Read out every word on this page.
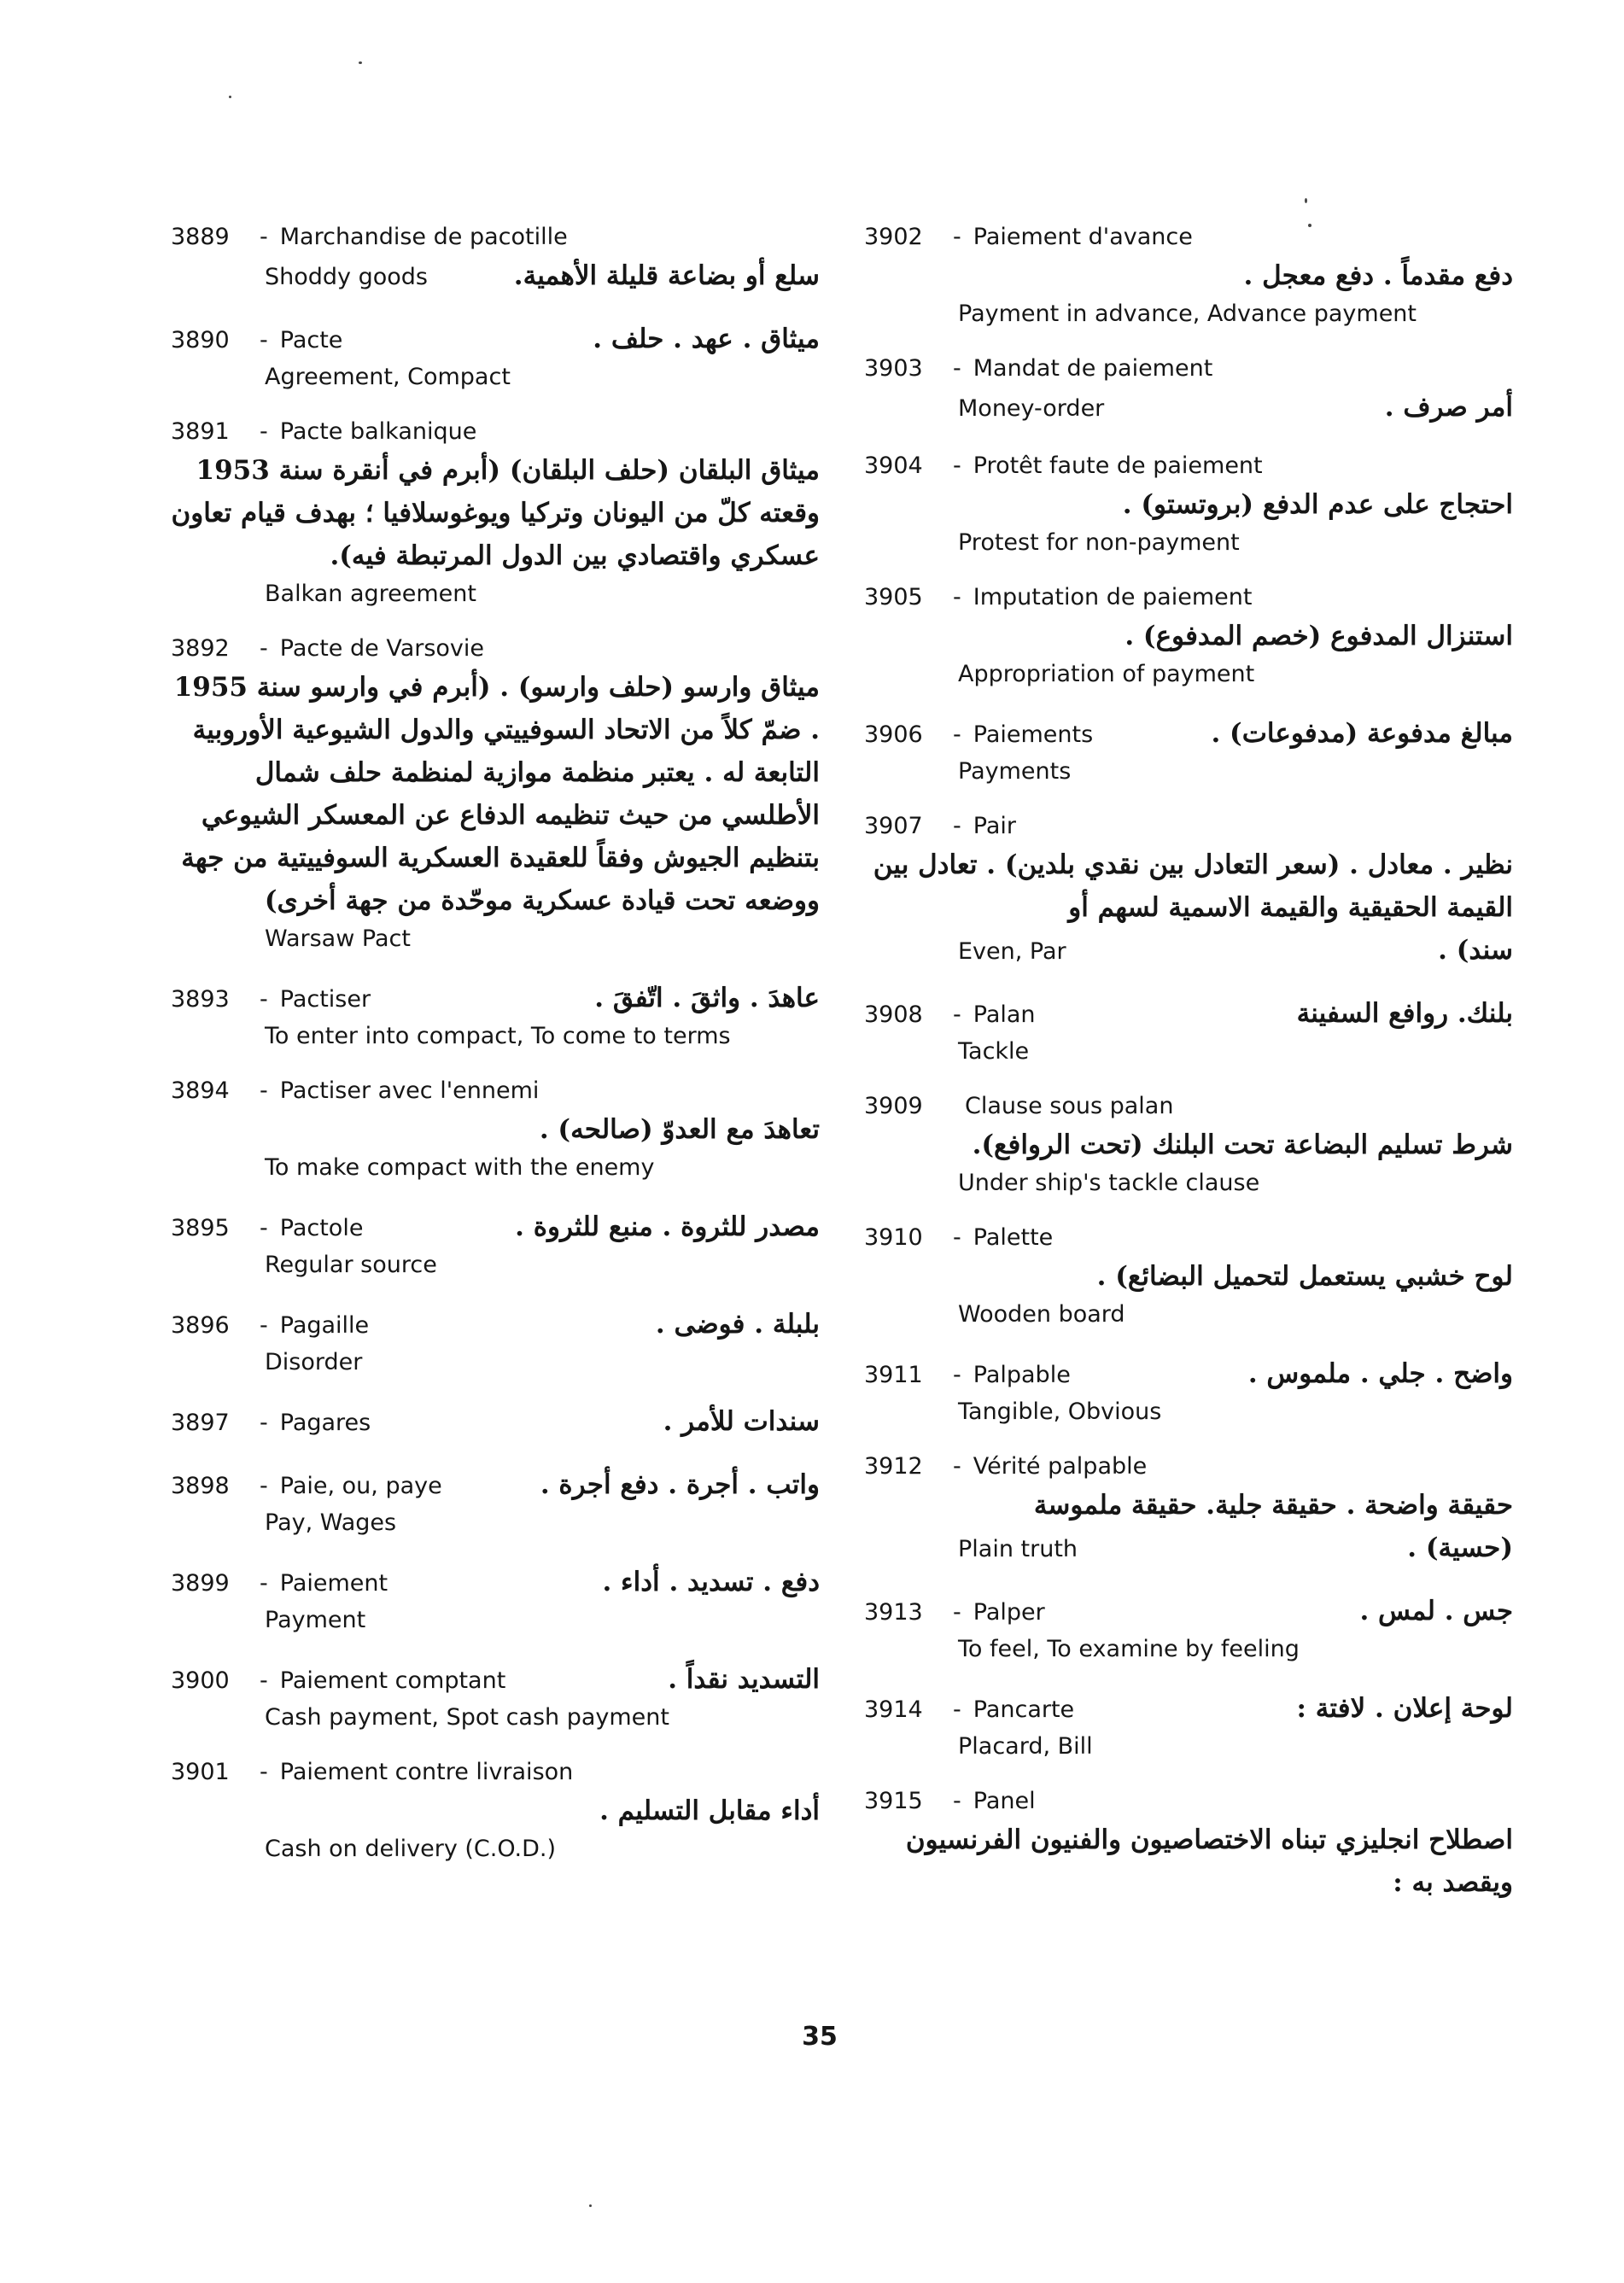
3889	- Marchandise de pacotille
Shoddy goods	سلع أو بضاعة قليلة الأهمية.
3890	- Pacte	ميثاق . عهد . حلف .
Agreement, Compact
3891	- Pacte balkanique
ميثاق البلقان (حلف البلقان) (أبرم في أنقرة سنة 1953 وقعته كلّ من اليونان وتركيا ويوغوسلافيا ؛ بهدف قيام تعاون عسكري واقتصادي بين الدول المرتبطة فيه).
Balkan agreement
3892	- Pacte de Varsovie
ميثاق وارسو (حلف وارسو) . (أبرم في وارسو سنة 1955 . ضمّ كلاً من الاتحاد السوفييتي والدول الشيوعية الأوروبية التابعة له . يعتبر منظمة موازية لمنظمة حلف شمال الأطلسي من حيث تنظيمه الدفاع عن المعسكر الشيوعي بتنظيم الجيوش وفقاً للعقيدة العسكرية السوفييتية من جهة ووضعه تحت قيادة عسكرية موحّدة من جهة أخرى)
Warsaw Pact
3893	- Pactiser	عاهدَ . واثقَ . اتّفقَ .
To enter into compact, To come to terms
3894	- Pactiser avec l'ennemi
تعاهدَ مع العدوّ (صالحه) .
To make compact with the enemy
3895	- Pactole	مصدر للثروة . منبع للثروة .
Regular source
3896	- Pagaille	بلبلة . فوضى .
Disorder
3897	- Pagares	سندات للأمر .
3898	- Paie, ou, paye	واتب . أجرة . دفع أجرة .
Pay, Wages
3899	- Paiement	دفع . تسديد . أداء .
Payment
3900	- Paiement comptant	التسديد نقداً .
Cash payment, Spot cash payment
3901	- Paiement contre livraison
أداء مقابل التسليم .
Cash on delivery (C.O.D.)
3902	- Paiement d'avance
دفع مقدماً . دفع معجل .
Payment in advance, Advance payment
3903	- Mandat de paiement
Money-order	أمر صرف .
3904	- Protêt faute de paiement
احتجاج على عدم الدفع (بروتستو) .
Protest for non-payment
3905	- Imputation de paiement
استنزال المدفوع (خصم المدفوع) .
Appropriation of payment
3906	- Paiements	مبالغ مدفوعة (مدفوعات) .
Payments
3907	- Pair
نظير . معادل . (سعر التعادل بين نقدي بلدين) . تعادل بين القيمة الحقيقية والقيمة الاسمية لسهم أو
Even, Par	سند) .
3908	- Palan	بلنك. روافع السفينة
Tackle
3909	Clause sous palan
شرط تسليم البضاعة تحت البلنك (تحت الروافع).
Under ship's tackle clause
3910	- Palette
لوح خشبي يستعمل لتحميل البضائع) .
Wooden board
3911	- Palpable	واضح . جلي . ملموس .
Tangible, Obvious
3912	- Vérité palpable
حقيقة واضحة . حقيقة جلية. حقيقة ملموسة
Plain truth	(حسية) .
3913	- Palper	جس . لمس .
To feel, To examine by feeling
3914	- Pancarte	لوحة إعلان . لافتة :
Placard, Bill
3915	- Panel
اصطلاح انجليزي تبناه الاختصاصيون والفنيون الفرنسيون ويقصد به :
35
